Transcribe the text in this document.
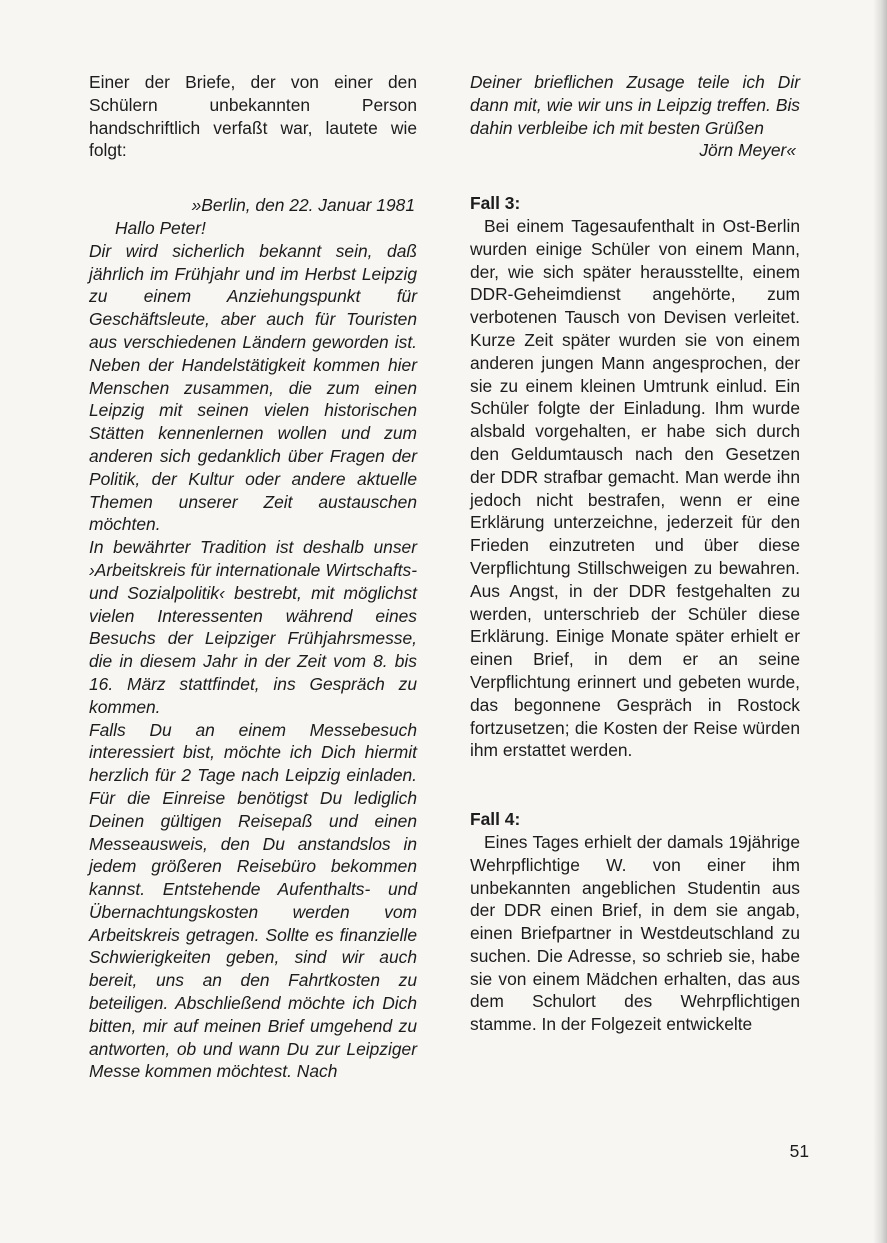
Einer der Briefe, der von einer den Schülern unbekannten Person handschriftlich verfaßt war, lautete wie folgt:

»Berlin, den 22. Januar 1981

Hallo Peter!

Dir wird sicherlich bekannt sein, daß jährlich im Frühjahr und im Herbst Leipzig zu einem Anziehungspunkt für Geschäftsleute, aber auch für Touristen aus verschiedenen Ländern geworden ist. Neben der Handelstätigkeit kommen hier Menschen zusammen, die zum einen Leipzig mit seinen vielen historischen Stätten kennenlernen wollen und zum anderen sich gedanklich über Fragen der Politik, der Kultur oder andere aktuelle Themen unserer Zeit austauschen möchten.

In bewährter Tradition ist deshalb unser ›Arbeitskreis für internationale Wirtschafts- und Sozialpolitik‹ bestrebt, mit möglichst vielen Interessenten während eines Besuchs der Leipziger Frühjahrsmesse, die in diesem Jahr in der Zeit vom 8. bis 16. März stattfindet, ins Gespräch zu kommen.

Falls Du an einem Messebesuch interessiert bist, möchte ich Dich hiermit herzlich für 2 Tage nach Leipzig einladen. Für die Einreise benötigst Du lediglich Deinen gültigen Reisepaß und einen Messeausweis, den Du anstandslos in jedem größeren Reisebüro bekommen kannst. Entstehende Aufenthalts- und Übernachtungskosten werden vom Arbeitskreis getragen. Sollte es finanzielle Schwierigkeiten geben, sind wir auch bereit, uns an den Fahrtkosten zu beteiligen. Abschließend möchte ich Dich bitten, mir auf meinen Brief umgehend zu antworten, ob und wann Du zur Leipziger Messe kommen möchtest. Nach

Deiner brieflichen Zusage teile ich Dir dann mit, wie wir uns in Leipzig treffen. Bis dahin verbleibe ich mit besten Grüßen

Jörn Meyer«

Fall 3:

Bei einem Tagesaufenthalt in Ost-Berlin wurden einige Schüler von einem Mann, der, wie sich später herausstellte, einem DDR-Geheimdienst angehörte, zum verbotenen Tausch von Devisen verleitet. Kurze Zeit später wurden sie von einem anderen jungen Mann angesprochen, der sie zu einem kleinen Umtrunk einlud. Ein Schüler folgte der Einladung. Ihm wurde alsbald vorgehalten, er habe sich durch den Geldumtausch nach den Gesetzen der DDR strafbar gemacht. Man werde ihn jedoch nicht bestrafen, wenn er eine Erklärung unterzeichne, jederzeit für den Frieden einzutreten und über diese Verpflichtung Stillschweigen zu bewahren. Aus Angst, in der DDR festgehalten zu werden, unterschrieb der Schüler diese Erklärung. Einige Monate später erhielt er einen Brief, in dem er an seine Verpflichtung erinnert und gebeten wurde, das begonnene Gespräch in Rostock fortzusetzen; die Kosten der Reise würden ihm erstattet werden.

Fall 4:

Eines Tages erhielt der damals 19jährige Wehrpflichtige W. von einer ihm unbekannten angeblichen Studentin aus der DDR einen Brief, in dem sie angab, einen Briefpartner in Westdeutschland zu suchen. Die Adresse, so schrieb sie, habe sie von einem Mädchen erhalten, das aus dem Schulort des Wehrpflichtigen stamme. In der Folgezeit entwickelte

51
